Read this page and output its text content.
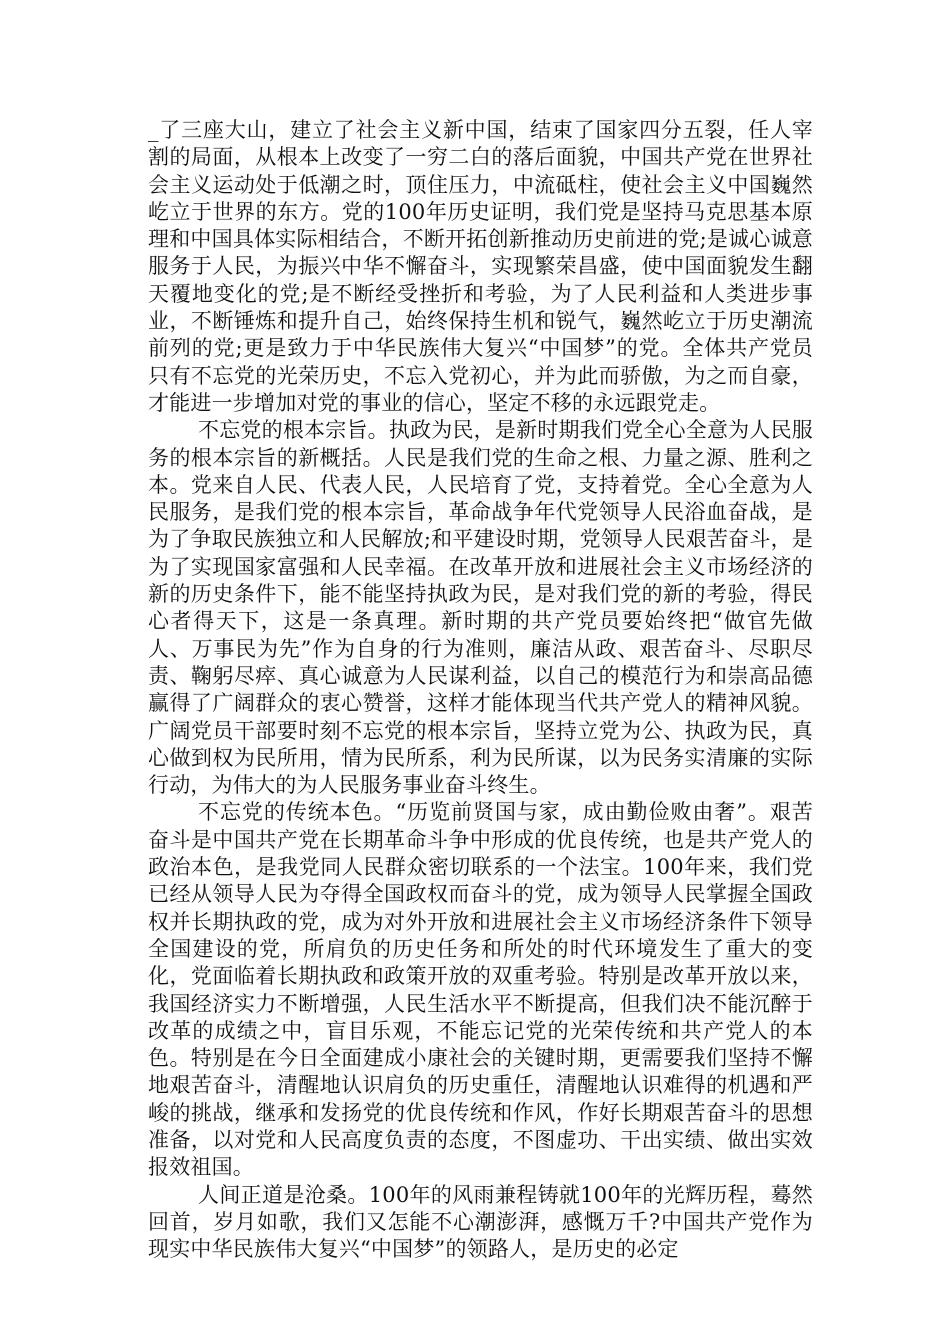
_了三座大山，建立了社会主义新中国，结束了国家四分五裂，任人宰割的局面，从根本上改变了一穷二白的落后面貌，中国共产党在世界社会主义运动处于低潮之时，顶住压力，中流砥柱，使社会主义中国巍然屹立于世界的东方。党的100年历史证明，我们党是坚持马克思基本原理和中国具体实际相结合，不断开拓创新推动历史前进的党;是诚心诚意服务于人民，为振兴中华不懈奋斗，实现繁荣昌盛，使中国面貌发生翻天覆地变化的党;是不断经受挫折和考验，为了人民利益和人类进步事业，不断锤炼和提升自己，始终保持生机和锐气，巍然屹立于历史潮流前列的党;更是致力于中华民族伟大复兴“中国梦”的党。全体共产党员只有不忘党的光荣历史，不忘入党初心，并为此而骄傲，为之而自豪，才能进一步增加对党的事业的信心，坚定不移的永远跟党走。

不忘党的根本宗旨。执政为民，是新时期我们党全心全意为人民服务的根本宗旨的新概括。人民是我们党的生命之根、力量之源、胜利之本。党来自人民、代表人民，人民培育了党，支持着党。全心全意为人民服务，是我们党的根本宗旨，革命战争年代党领导人民浴血奋战，是为了争取民族独立和人民解放;和平建设时期，党领导人民艰苦奋斗，是为了实现国家富强和人民幸福。在改革开放和进展社会主义市场经济的新的历史条件下，能不能坚持执政为民，是对我们党的新的考验，得民心者得天下，这是一条真理。新时期的共产党员要始终把“做官先做人、万事民为先”作为自身的行为准则，廉洁从政、艰苦奋斗、尽职尽责、鞠躬尽瘁、真心诚意为人民谋利益，以自己的模范行为和崇高品德赢得了广阔群众的衷心赞誉，这样才能体现当代共产党人的精神风貌。广阔党员干部要时刻不忘党的根本宗旨，坚持立党为公、执政为民，真心做到权为民所用，情为民所系，利为民所谋，以为民务实清廉的实际行动，为伟大的为人民服务事业奋斗终生。

不忘党的传统本色。“历览前贤国与家，成由勤俭败由奢”。艰苦奋斗是中国共产党在长期革命斗争中形成的优良传统，也是共产党人的政治本色，是我党同人民群众密切联系的一个法宝。100年来，我们党已经从领导人民为夺得全国政权而奋斗的党，成为领导人民掌握全国政权并长期执政的党，成为对外开放和进展社会主义市场经济条件下领导全国建设的党，所肩负的历史任务和所处的时代环境发生了重大的变化，党面临着长期执政和政策开放的双重考验。特别是改革开放以来，我国经济实力不断增强，人民生活水平不断提高，但我们决不能沉醉于改革的成绩之中，盲目乐观，不能忘记党的光荣传统和共产党人的本色。特别是在今日全面建成小康社会的关键时期，更需要我们坚持不懈地艰苦奋斗，清醒地认识肩负的历史重任，清醒地认识难得的机遇和严峻的挑战，继承和发扬党的优良传统和作风，作好长期艰苦奋斗的思想准备，以对党和人民高度负责的态度，不图虚功、干出实绩、做出实效报效祖国。

人间正道是沧桑。100年的风雨兼程铸就100年的光辉历程，蓦然回首，岁月如歌，我们又怎能不心潮澎湃，感慨万千?中国共产党作为现实中华民族伟大复兴“中国梦”的领路人，是历史的必定
